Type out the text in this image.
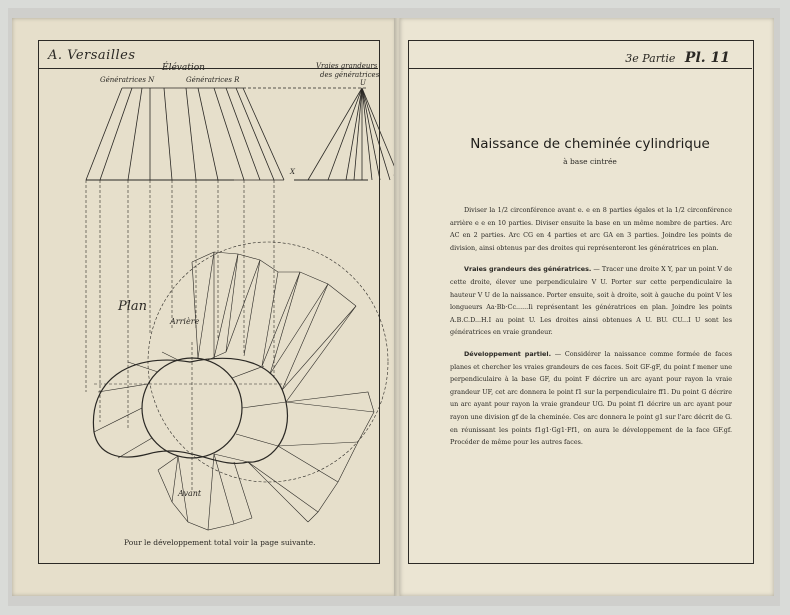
A. Versailles
Élévation
Génératrices N	Génératrices R
Vraies grandeurs
des génératrices
U
X
Plan
Arrière
Avant
Pour le développement total voir la page suivante.
3e Partie Pl. 11
Naissance de cheminée cylindrique
à base cintrée

Diviser la 1/2 circonférence avant e. e en 8 parties égales et la 1/2 circonférence arrière e e en 10 parties. Diviser ensuite la base en un même nombre de parties. Arc AC en 2 parties. Arc CG en 4 parties et arc GA en 3 parties. Joindre les points de division, ainsi obtenus par des droites qui représenteront les génératrices en plan.

Vraies grandeurs des génératrices. — Tracer une droite X Y, par un point V de cette droite, élever une perpendiculaire V U. Porter sur cette perpendiculaire la hauteur V U de la naissance. Porter ensuite, soit à droite, soit à gauche du point V les longueurs Aa·Bb·Cc......Ii représentant les génératrices en plan. Joindre les points A.B.C.D...H.I au point U. Les droites ainsi obtenues A U. BU. CU...I U sont les génératrices en vraie grandeur.

Développement partiel. — Considérer la naissance comme formée de faces planes et chercher les vraies grandeurs de ces faces. Soit GF-gF, du point f mener une perpendiculaire à la base GF, du point F décrire un arc ayant pour rayon la vraie grandeur UF, cet arc donnera le point f1 sur la perpendiculaire ff1. Du point G décrire un arc ayant pour rayon la vraie grandeur UG. Du point f1 décrire un arc ayant pour rayon une division gf de la cheminée. Ces arc donnera le point g1 sur l'arc décrit de G. en réunissant les points f1g1·Gg1·Ff1, on aura le développement de la face GF.gf. Procéder de même pour les autres faces.
